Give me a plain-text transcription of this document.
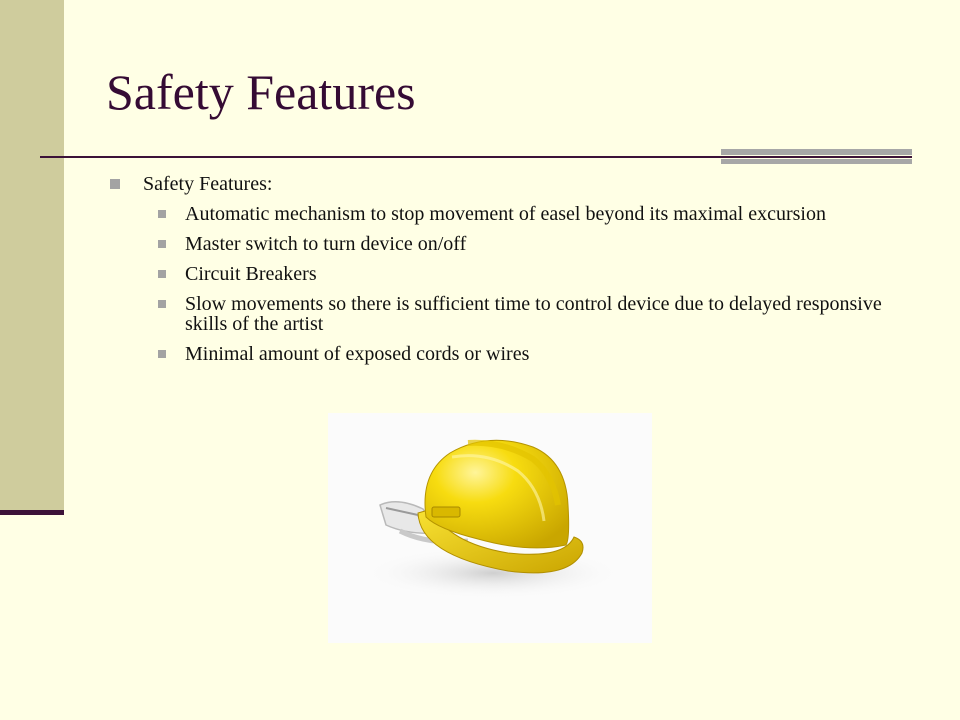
Safety Features
Safety Features:
Automatic mechanism to stop movement of easel beyond its maximal excursion
Master switch to turn device on/off
Circuit Breakers
Slow movements so there is sufficient time to control device due to delayed responsive skills of the artist
Minimal amount of exposed cords or wires
